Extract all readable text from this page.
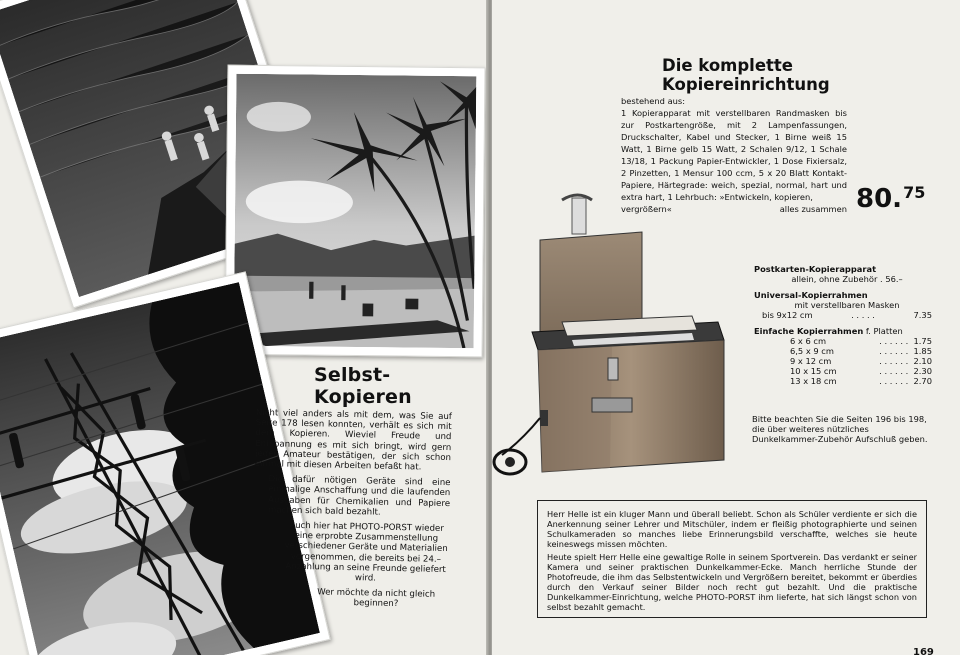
Selbst-Kopieren

Nicht viel anders als mit dem, was Sie auf Seite 178 lesen konnten, verhält es sich mit dem Kopieren. Wieviel Freude und Entspannung es mit sich bringt, wird gern jeder Amateur bestätigen, der sich schon einmal mit diesen Arbeiten befaßt hat.

Die dafür nötigen Geräte sind eine einmalige Anschaffung und die laufenden Ausgaben für Chemikalien und Papiere machen sich bald bezahlt.

Auch hier hat PHOTO-PORST wieder eine erprobte Zusammenstellung verschiedener Geräte und Materialien vorgenommen, die bereits bei 24.– Anzahlung an seine Freunde geliefert wird.

Wer möchte da nicht gleich beginnen?

Die komplette Kopiereinrichtung
bestehend aus:
1 Kopierapparat mit verstellbaren Randmasken bis zur Postkartengröße, mit 2 Lampenfassungen, Druckschalter, Kabel und Stecker, 1 Birne weiß 15 Watt, 1 Birne gelb 15 Watt, 2 Schalen 9/12, 1 Schale 13/18, 1 Packung Papier-Entwickler, 1 Dose Fixiersalz, 2 Pinzetten, 1 Mensur 100 ccm, 5 x 20 Blatt Kontakt-Papiere, Härtegrade: weich, spezial, normal, hart und extra hart, 1 Lehrbuch: »Entwickeln, kopieren,
vergrößern«	alles zusammen 80.75
Postkarten-Kopierapparat
allein, ohne Zubehör . 56.–
Universal-Kopierrahmen
mit verstellbaren Masken
bis 9x12 cm	. . . . .	7.35
Einfache Kopierrahmen f. Platten
6 x 6 cm	. . . . . .  1.75
6,5 x 9 cm	. . . . . .  1.85
9 x 12 cm	. . . . . .  2.10
10 x 15 cm	. . . . . .  2.30
13 x 18 cm	. . . . . .  2.70
Bitte beachten Sie die Seiten 196 bis 198, die über weiteres nützliches Dunkelkammer-Zubehör Aufschluß geben.

Herr Helle ist ein kluger Mann und überall beliebt. Schon als Schüler verdiente er sich die Anerkennung seiner Lehrer und Mitschüler, indem er fleißig photographierte und seinen Schulkameraden so manches liebe Erinnerungsbild verschaffte, welches sie heute keineswegs missen möchten.

Heute spielt Herr Helle eine gewaltige Rolle in seinem Sportverein. Das verdankt er seiner Kamera und seiner praktischen Dunkelkammer-Ecke. Manch herrliche Stunde der Photofreude, die ihm das Selbstentwickeln und Vergrößern bereitet, bekommt er überdies durch den Verkauf seiner Bilder noch recht gut bezahlt. Und die praktische Dunkelkammer-Einrichtung, welche PHOTO-PORST ihm lieferte, hat sich längst schon von selbst bezahlt gemacht.

169
